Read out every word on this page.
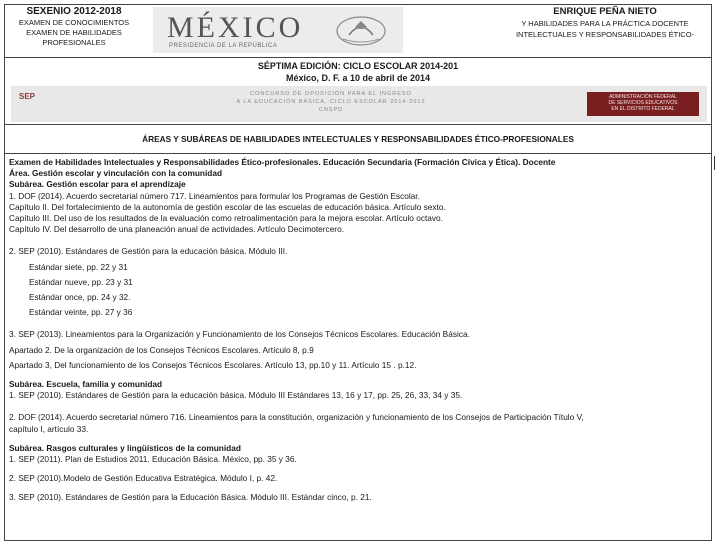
SEXENIO 2012-2018
EXAMEN DE CONOCIMIENTOS
EXAMEN DE HABILIDADES
PROFESIONALES	MÉXICO
PRESIDENCIA DE LA REPÚBLICA
ENRIQUE PEÑA NIETO
Y HABILIDADES PARA LA PRÁCTICA DOCENTE
INTELECTUALES Y RESPONSABILIDADES ÉTICO-

SÉPTIMA EDICIÓN: CICLO ESCOLAR 2014-201
México, D. F. a 10 de abril de 2014
SEP	CONCURSO DE OPOSICIÓN PARA EL INGRESO
A LA EDUCACIÓN BÁSICA, CICLO ESCOLAR 2014-2015
CNSPD
ADMINISTRACIÓN FEDERAL
DE SERVICIOS EDUCATIVOS
EN EL DISTRITO FEDERAL

ÁREAS Y SUBÁREAS DE HABILIDADES INTELECTUALES Y RESPONSABILIDADES ÉTICO-PROFESIONALES

Examen de Habilidades Intelectuales y Responsabilidades Ético-profesionales. Educación Secundaria (Formación Cívica y Ética). Docente
Área. Gestión escolar y vinculación con la comunidad
Subárea. Gestión escolar para el aprendizaje
1. DOF (2014). Acuerdo secretarial número 717. Lineamientos para formular los Programas de Gestión Escolar.
Capítulo II. Del fortalecimiento de la autonomía de gestión escolar de las escuelas de educación básica. Artículo sexto.
Capítulo III. Del uso de los resultados de la evaluación como retroalimentación para la mejora escolar. Artículo octavo.
Capítulo IV. Del desarrollo de una planeación anual de actividades. Artículo Decimotercero.
2. SEP (2010). Estándares de Gestión para la educación básica. Módulo III.
Estándar siete, pp. 22 y 31
Estándar nueve, pp. 23 y 31
Estándar once, pp. 24 y 32.
Estándar veinte, pp. 27 y 36
3. SEP (2013). Lineamientos para la Organización y Funcionamiento de los Consejos Técnicos Escolares. Educación Básica.
Apartado 2. De la organización de los Consejos Técnicos Escolares. Artículo 8, p.9
Apartado 3, Del funcionamiento de los Consejos Técnicos Escolares. Artículo 13, pp.10 y 11. Artículo 15 . p.12.
Subárea. Escuela, familia y comunidad
1. SEP (2010). Estándares de Gestión para la educación básica. Módulo III Estándares 13, 16 y 17, pp. 25, 26, 33, 34 y 35.
2. DOF (2014). Acuerdo secretarial número 716. Lineamientos para la constitución, organización y funcionamiento de los Consejos de Participación Título V,
capítulo I, artículo 33.
Subárea. Rasgos culturales y lingüísticos de la comunidad
1. SEP (2011). Plan de Estudios 2011. Educación Básica. México, pp. 35 y 36.
2. SEP (2010).Modelo de Gestión Educativa Estratégica. Módulo I, p. 42.
3. SEP (2010). Estándares de Gestión para la Educación Básica. Módulo III. Estándar cinco, p. 21.
